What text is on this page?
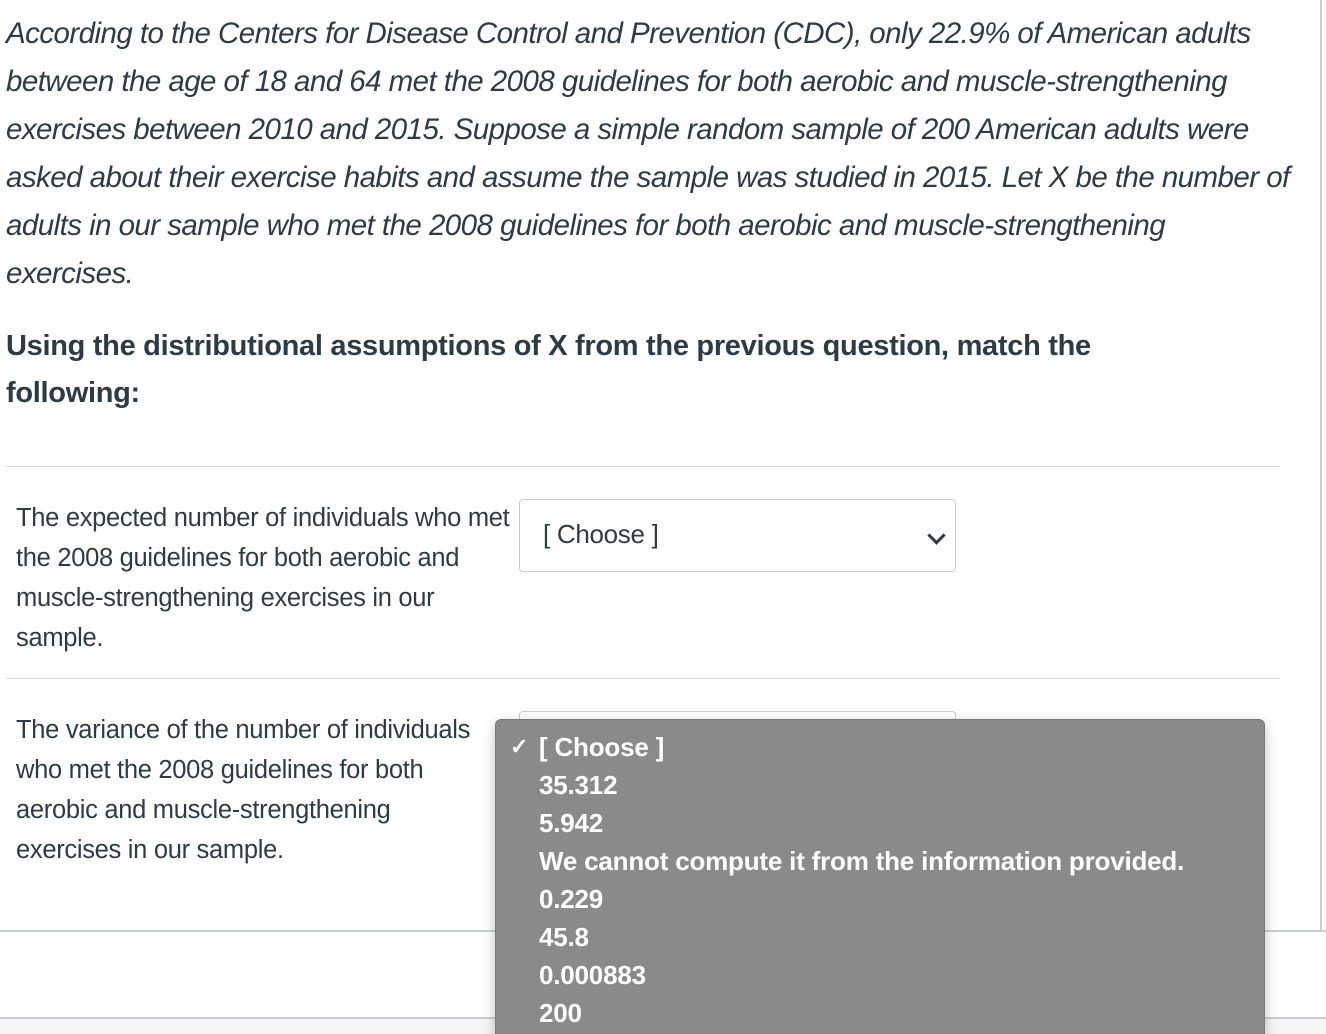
According to the Centers for Disease Control and Prevention (CDC), only 22.9% of American adults between the age of 18 and 64 met the 2008 guidelines for both aerobic and muscle-strengthening exercises between 2010 and 2015. Suppose a simple random sample of 200 American adults were asked about their exercise habits and assume the sample was studied in 2015. Let X be the number of adults in our sample who met the 2008 guidelines for both aerobic and muscle-strengthening exercises.

Using the distributional assumptions of X from the previous question, match the following:

The expected number of individuals who met the 2008 guidelines for both aerobic and muscle-strengthening exercises in our sample.

[ Choose ]

The variance of the number of individuals who met the 2008 guidelines for both aerobic and muscle-strengthening exercises in our sample.

✓ [ Choose ]
35.312
5.942
We cannot compute it from the information provided.
0.229
45.8
0.000883
200
